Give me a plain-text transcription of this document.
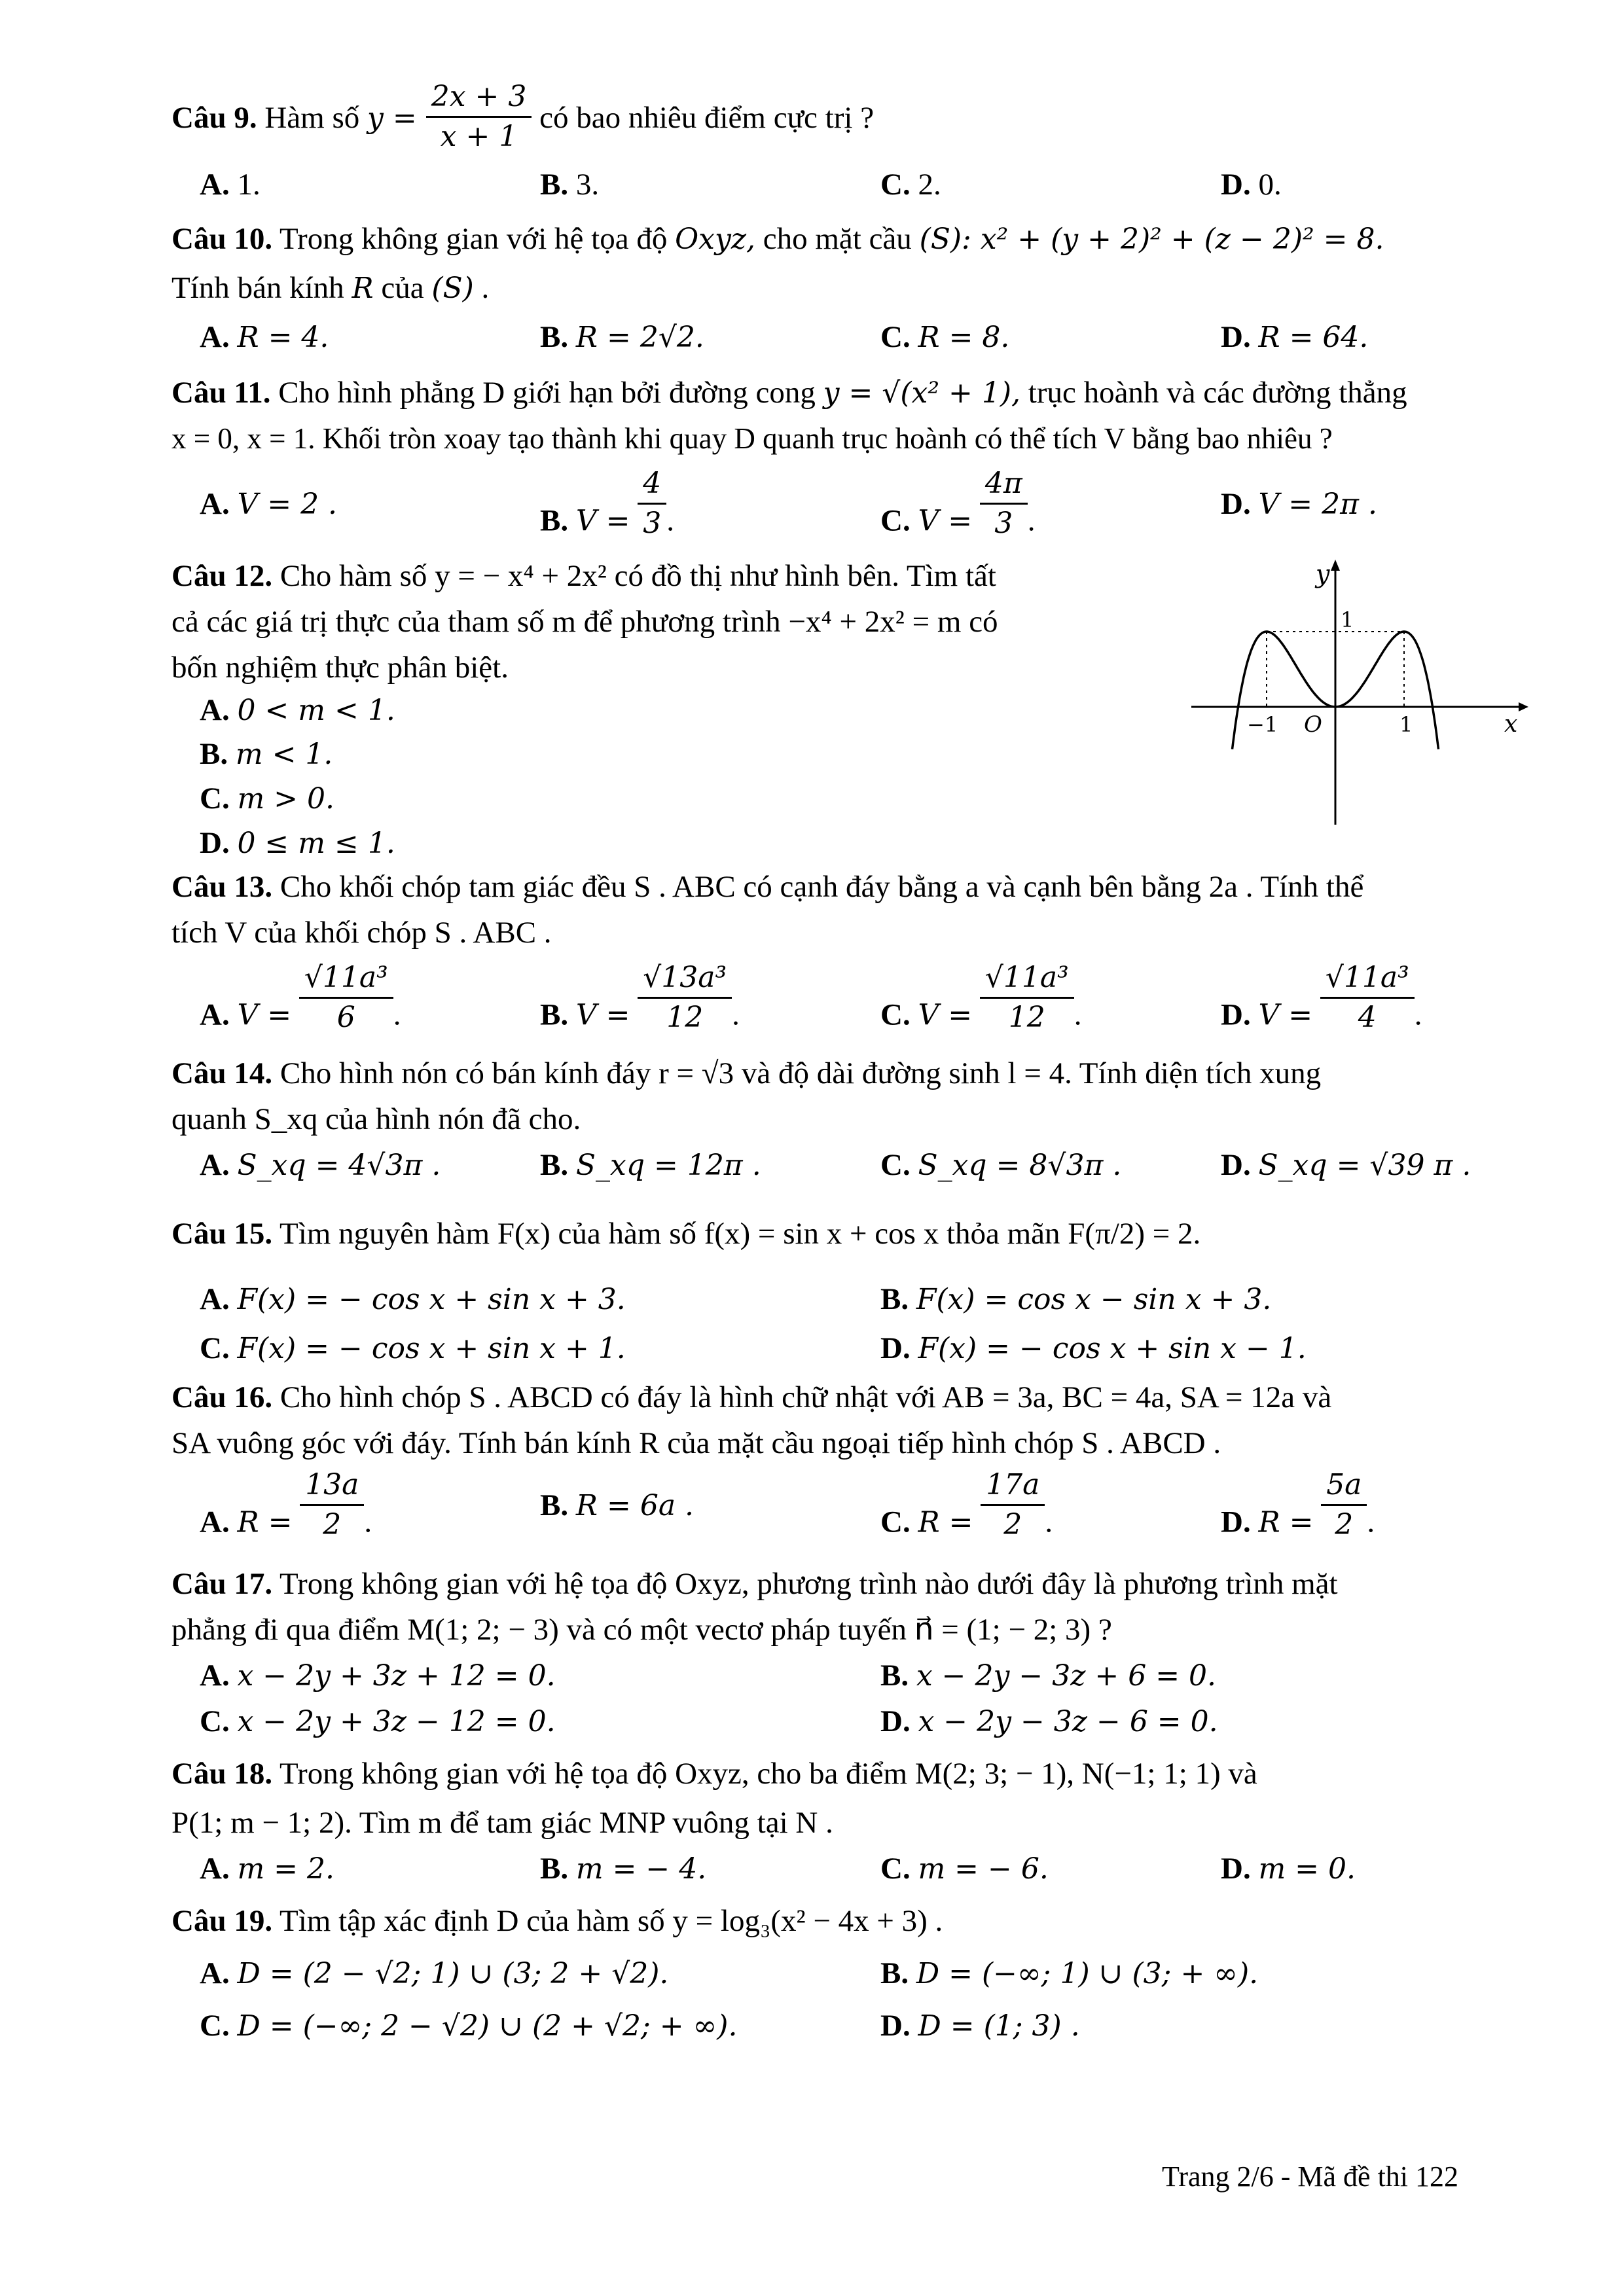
Câu 9. Hàm số $y = \frac{2x + 3}{x + 1}$ có bao nhiêu điểm cực trị ?
A. 1.	B. 3.	C. 2.	D. 0.
Câu 10. Trong không gian với hệ tọa độ Oxyz, cho mặt cầu (S): x² + (y + 2)² + (z − 2)² = 8.
Tính bán kính R của (S) .
A. R = 4.	B. R = 2√2.	C. R = 8.	D. R = 64.
Câu 11. Cho hình phẳng D giới hạn bởi đường cong y = √(x² + 1), trục hoành và các đường thẳng
x = 0, x = 1. Khối tròn xoay tạo thành khi quay D quanh trục hoành có thể tích V bằng bao nhiêu ?
A. V = 2 .	B. $V = \frac{4}{3}$ .	C. $V = \frac{4\pi}{3}$ .	D. V = 2π .
Câu 12. Cho hàm số y = − x⁴ + 2x² có đồ thị như hình bên. Tìm tất
cả các giá trị thực của tham số m để phương trình −x⁴ + 2x² = m có
bốn nghiệm thực phân biệt.
A. 0 < m < 1.
B. m < 1.
C. m > 0.
D. 0 ≤ m ≤ 1.
y
1
−1 O	1	x
Câu 13. Cho khối chóp tam giác đều S . ABC có cạnh đáy bằng a và cạnh bên bằng 2a . Tính thể
tích V của khối chóp S . ABC .
A. $V = \frac{\text{√11a³}}{6}$ .	B. $V = \frac{\text{√13a³}}{12}$ .	C. $V = \frac{\text{√11a³}}{12}$ .	D. $V = \frac{\text{√11a³}}{4}$ .
Câu 14. Cho hình nón có bán kính đáy r = √3 và độ dài đường sinh l = 4. Tính diện tích xung
quanh S_xq của hình nón đã cho.
A. S_xq = 4√3π .	B. S_xq = 12π .	C. S_xq = 8√3π .	D. S_xq = √39 π .
Câu 15. Tìm nguyên hàm F(x) của hàm số f(x) = sin x + cos x thỏa mãn F(π/2) = 2.
A. F(x) = − cos x + sin x + 3.	B. F(x) = cos x − sin x + 3.
C. F(x) = − cos x + sin x + 1.	D. F(x) = − cos x + sin x − 1.
Câu 16. Cho hình chóp S . ABCD có đáy là hình chữ nhật với AB = 3a, BC = 4a, SA = 12a và
SA vuông góc với đáy. Tính bán kính R của mặt cầu ngoại tiếp hình chóp S . ABCD .
A. $R = \frac{13a}{2}$ .	B. R = 6a .	C. $R = \frac{17a}{2}$ .	D. $R = \frac{5a}{2}$ .
Câu 17. Trong không gian với hệ tọa độ Oxyz, phương trình nào dưới đây là phương trình mặt
phẳng đi qua điểm M(1; 2; − 3) và có một vectơ pháp tuyến n⃗ = (1; − 2; 3) ?
A. x − 2y + 3z + 12 = 0.	B. x − 2y − 3z + 6 = 0.
C. x − 2y + 3z − 12 = 0.	D. x − 2y − 3z − 6 = 0.
Câu 18. Trong không gian với hệ tọa độ Oxyz, cho ba điểm M(2; 3; − 1), N(−1; 1; 1) và
P(1; m − 1; 2). Tìm m để tam giác MNP vuông tại N .
A. m = 2.	B. m = − 4.	C. m = − 6.	D. m = 0.
Câu 19. Tìm tập xác định D của hàm số y = log₃(x² − 4x + 3) .
A. D = (2 − √2; 1) ∪ (3; 2 + √2).	B. D = (−∞; 1) ∪ (3; + ∞).
C. D = (−∞; 2 − √2) ∪ (2 + √2; + ∞).	D. D = (1; 3) .
Trang 2/6 - Mã đề thi 122
